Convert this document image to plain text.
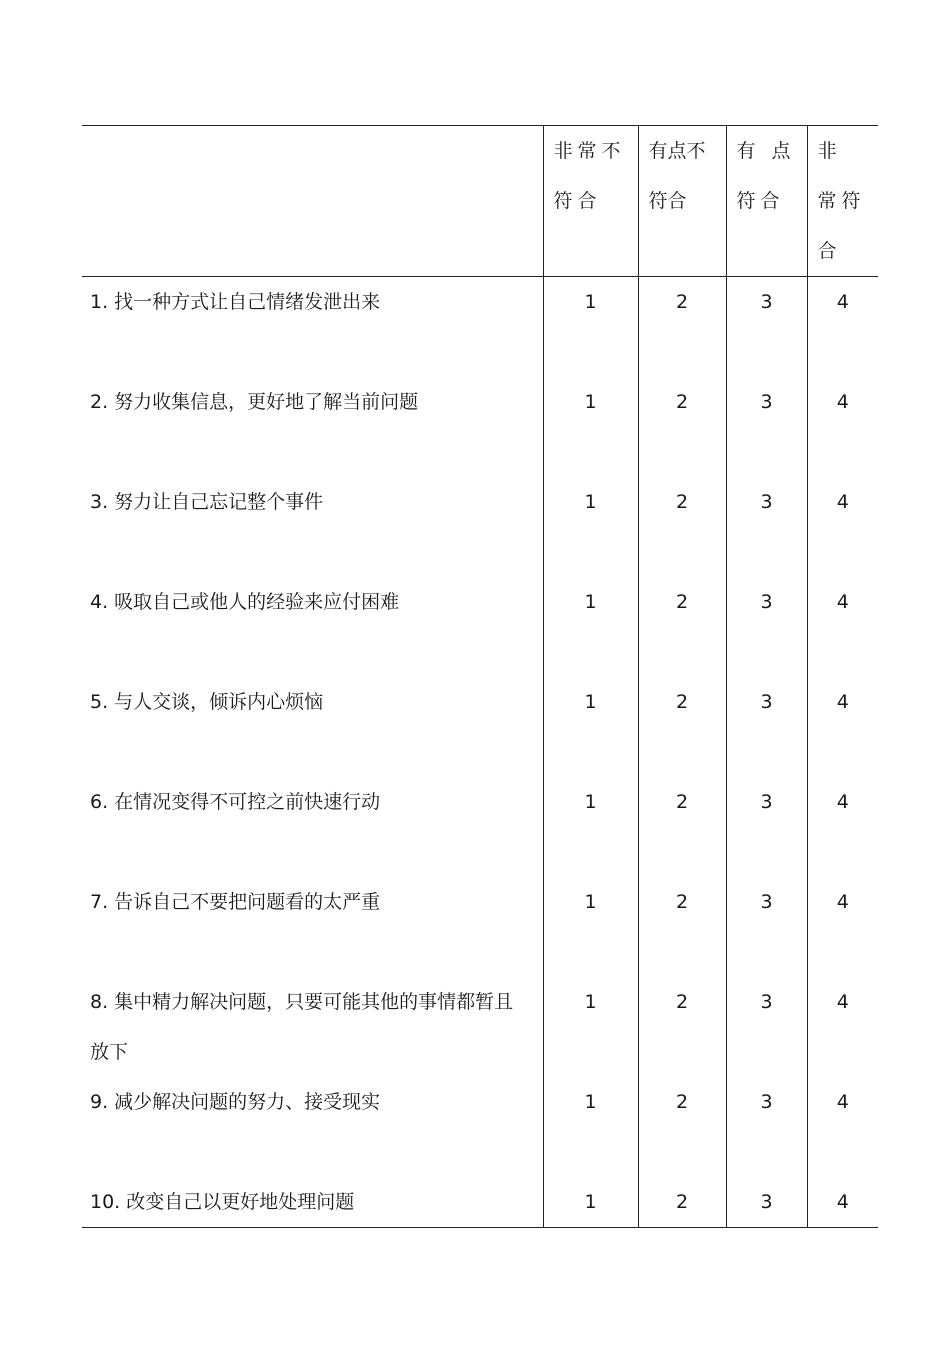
	非常不符合	有点不符合	有 点符合	非 常符合

1. 找一种方式让自己情绪发泄出来	1	2	3	4
2. 努力收集信息，更好地了解当前问题	1	2	3	4
3. 努力让自己忘记整个事件	1	2	3	4
4. 吸取自己或他人的经验来应付困难	1	2	3	4
5. 与人交谈，倾诉内心烦恼	1	2	3	4
6. 在情况变得不可控之前快速行动	1	2	3	4
7. 告诉自己不要把问题看的太严重	1	2	3	4
8. 集中精力解决问题，只要可能其他的事情都暂且放下	1	2	3	4
9. 减少解决问题的努力、接受现实	1	2	3	4
10. 改变自己以更好地处理问题	1	2	3	4
